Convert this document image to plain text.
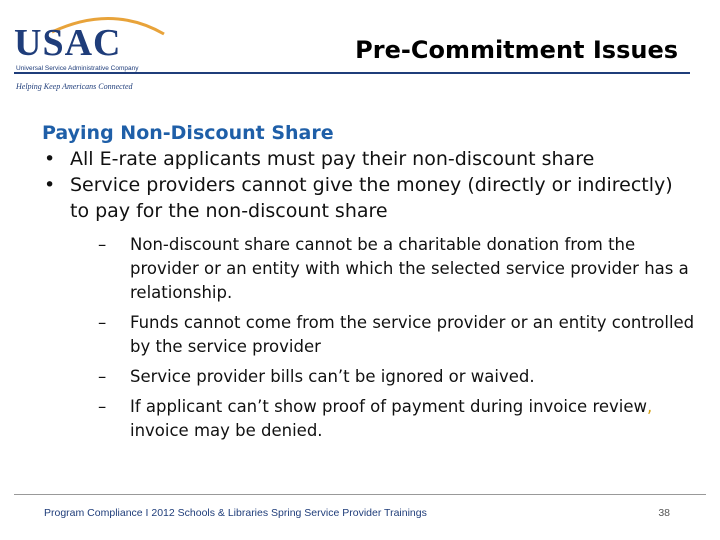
USAC
Universal Service Administrative Company
Helping Keep Americans Connected
Pre-Commitment Issues
Paying Non-Discount Share
• All E-rate applicants must pay their non-discount share
• Service providers cannot give the money (directly or indirectly) to pay for the non-discount share
– Non-discount share cannot be a charitable donation from the provider or an entity with which the selected service provider has a relationship.
– Funds cannot come from the service provider or an entity controlled by the service provider
– Service provider bills can’t be ignored or waived.
– If applicant can’t show proof of payment during invoice review, invoice may be denied.
Program Compliance I 2012 Schools & Libraries Spring Service Provider Trainings	38
